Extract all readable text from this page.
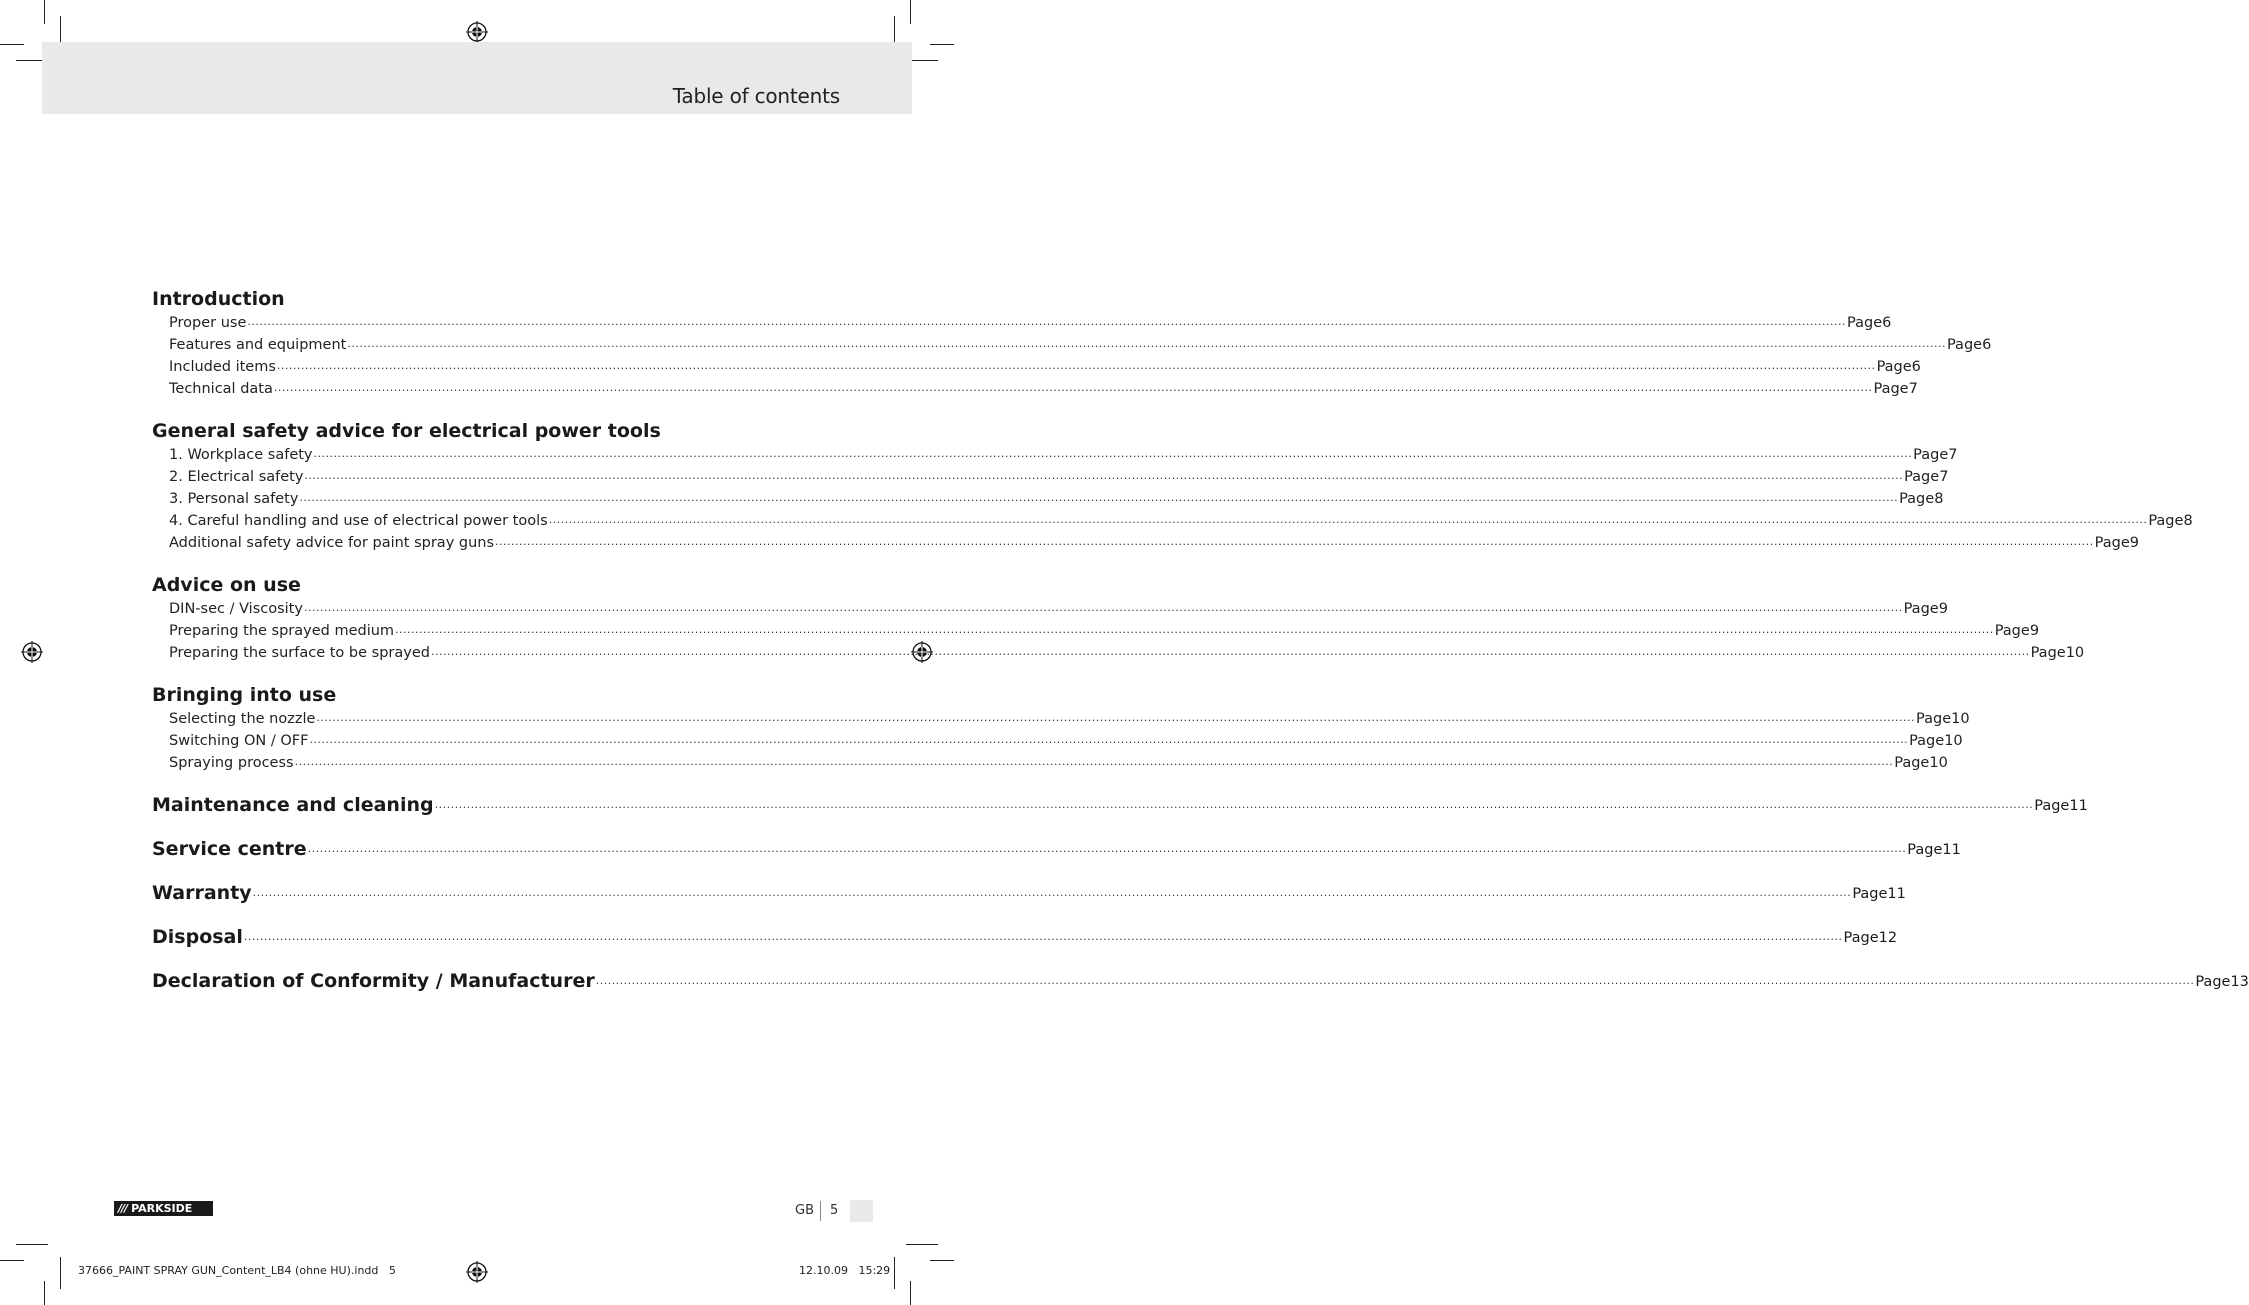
Table of contents
Introduction
Proper use ................................................................................................................................................................................................................................................................................................................................................................................................................ Page 6
Features and equipment ................................................................................................................................................................................................................................................................................................................................................................................................................ Page 6
Included items ................................................................................................................................................................................................................................................................................................................................................................................................................ Page 6
Technical data ................................................................................................................................................................................................................................................................................................................................................................................................................ Page 7
General safety advice for electrical power tools
1. Workplace safety ................................................................................................................................................................................................................................................................................................................................................................................................................ Page 7
2. Electrical safety ................................................................................................................................................................................................................................................................................................................................................................................................................ Page 7
3. Personal safety ................................................................................................................................................................................................................................................................................................................................................................................................................ Page 8
4. Careful handling and use of electrical power tools ................................................................................................................................................................................................................................................................................................................................................................................................................ Page 8
Additional safety advice for paint spray guns ................................................................................................................................................................................................................................................................................................................................................................................................................ Page 9
Advice on use
DIN-sec / Viscosity ................................................................................................................................................................................................................................................................................................................................................................................................................ Page 9
Preparing the sprayed medium ................................................................................................................................................................................................................................................................................................................................................................................................................ Page 9
Preparing the surface to be sprayed ................................................................................................................................................................................................................................................................................................................................................................................................................ Page 10
Bringing into use
Selecting the nozzle ................................................................................................................................................................................................................................................................................................................................................................................................................ Page 10
Switching ON / OFF ................................................................................................................................................................................................................................................................................................................................................................................................................ Page 10
Spraying process ................................................................................................................................................................................................................................................................................................................................................................................................................ Page 10
Maintenance and cleaning ................................................................................................................................................................................................................................................................................................................................................................................................................ Page 11
Service centre ................................................................................................................................................................................................................................................................................................................................................................................................................ Page 11
Warranty ................................................................................................................................................................................................................................................................................................................................................................................................................ Page 11
Disposal ................................................................................................................................................................................................................................................................................................................................................................................................................ Page 12
Declaration of Conformity / Manufacturer ................................................................................................................................................................................................................................................................................................................................................................................................................ Page 13
/// PARKSIDE	GB 5
37666_PAINT SPRAY GUN_Content_LB4 (ohne HU).indd   5	12.10.09   15:29
